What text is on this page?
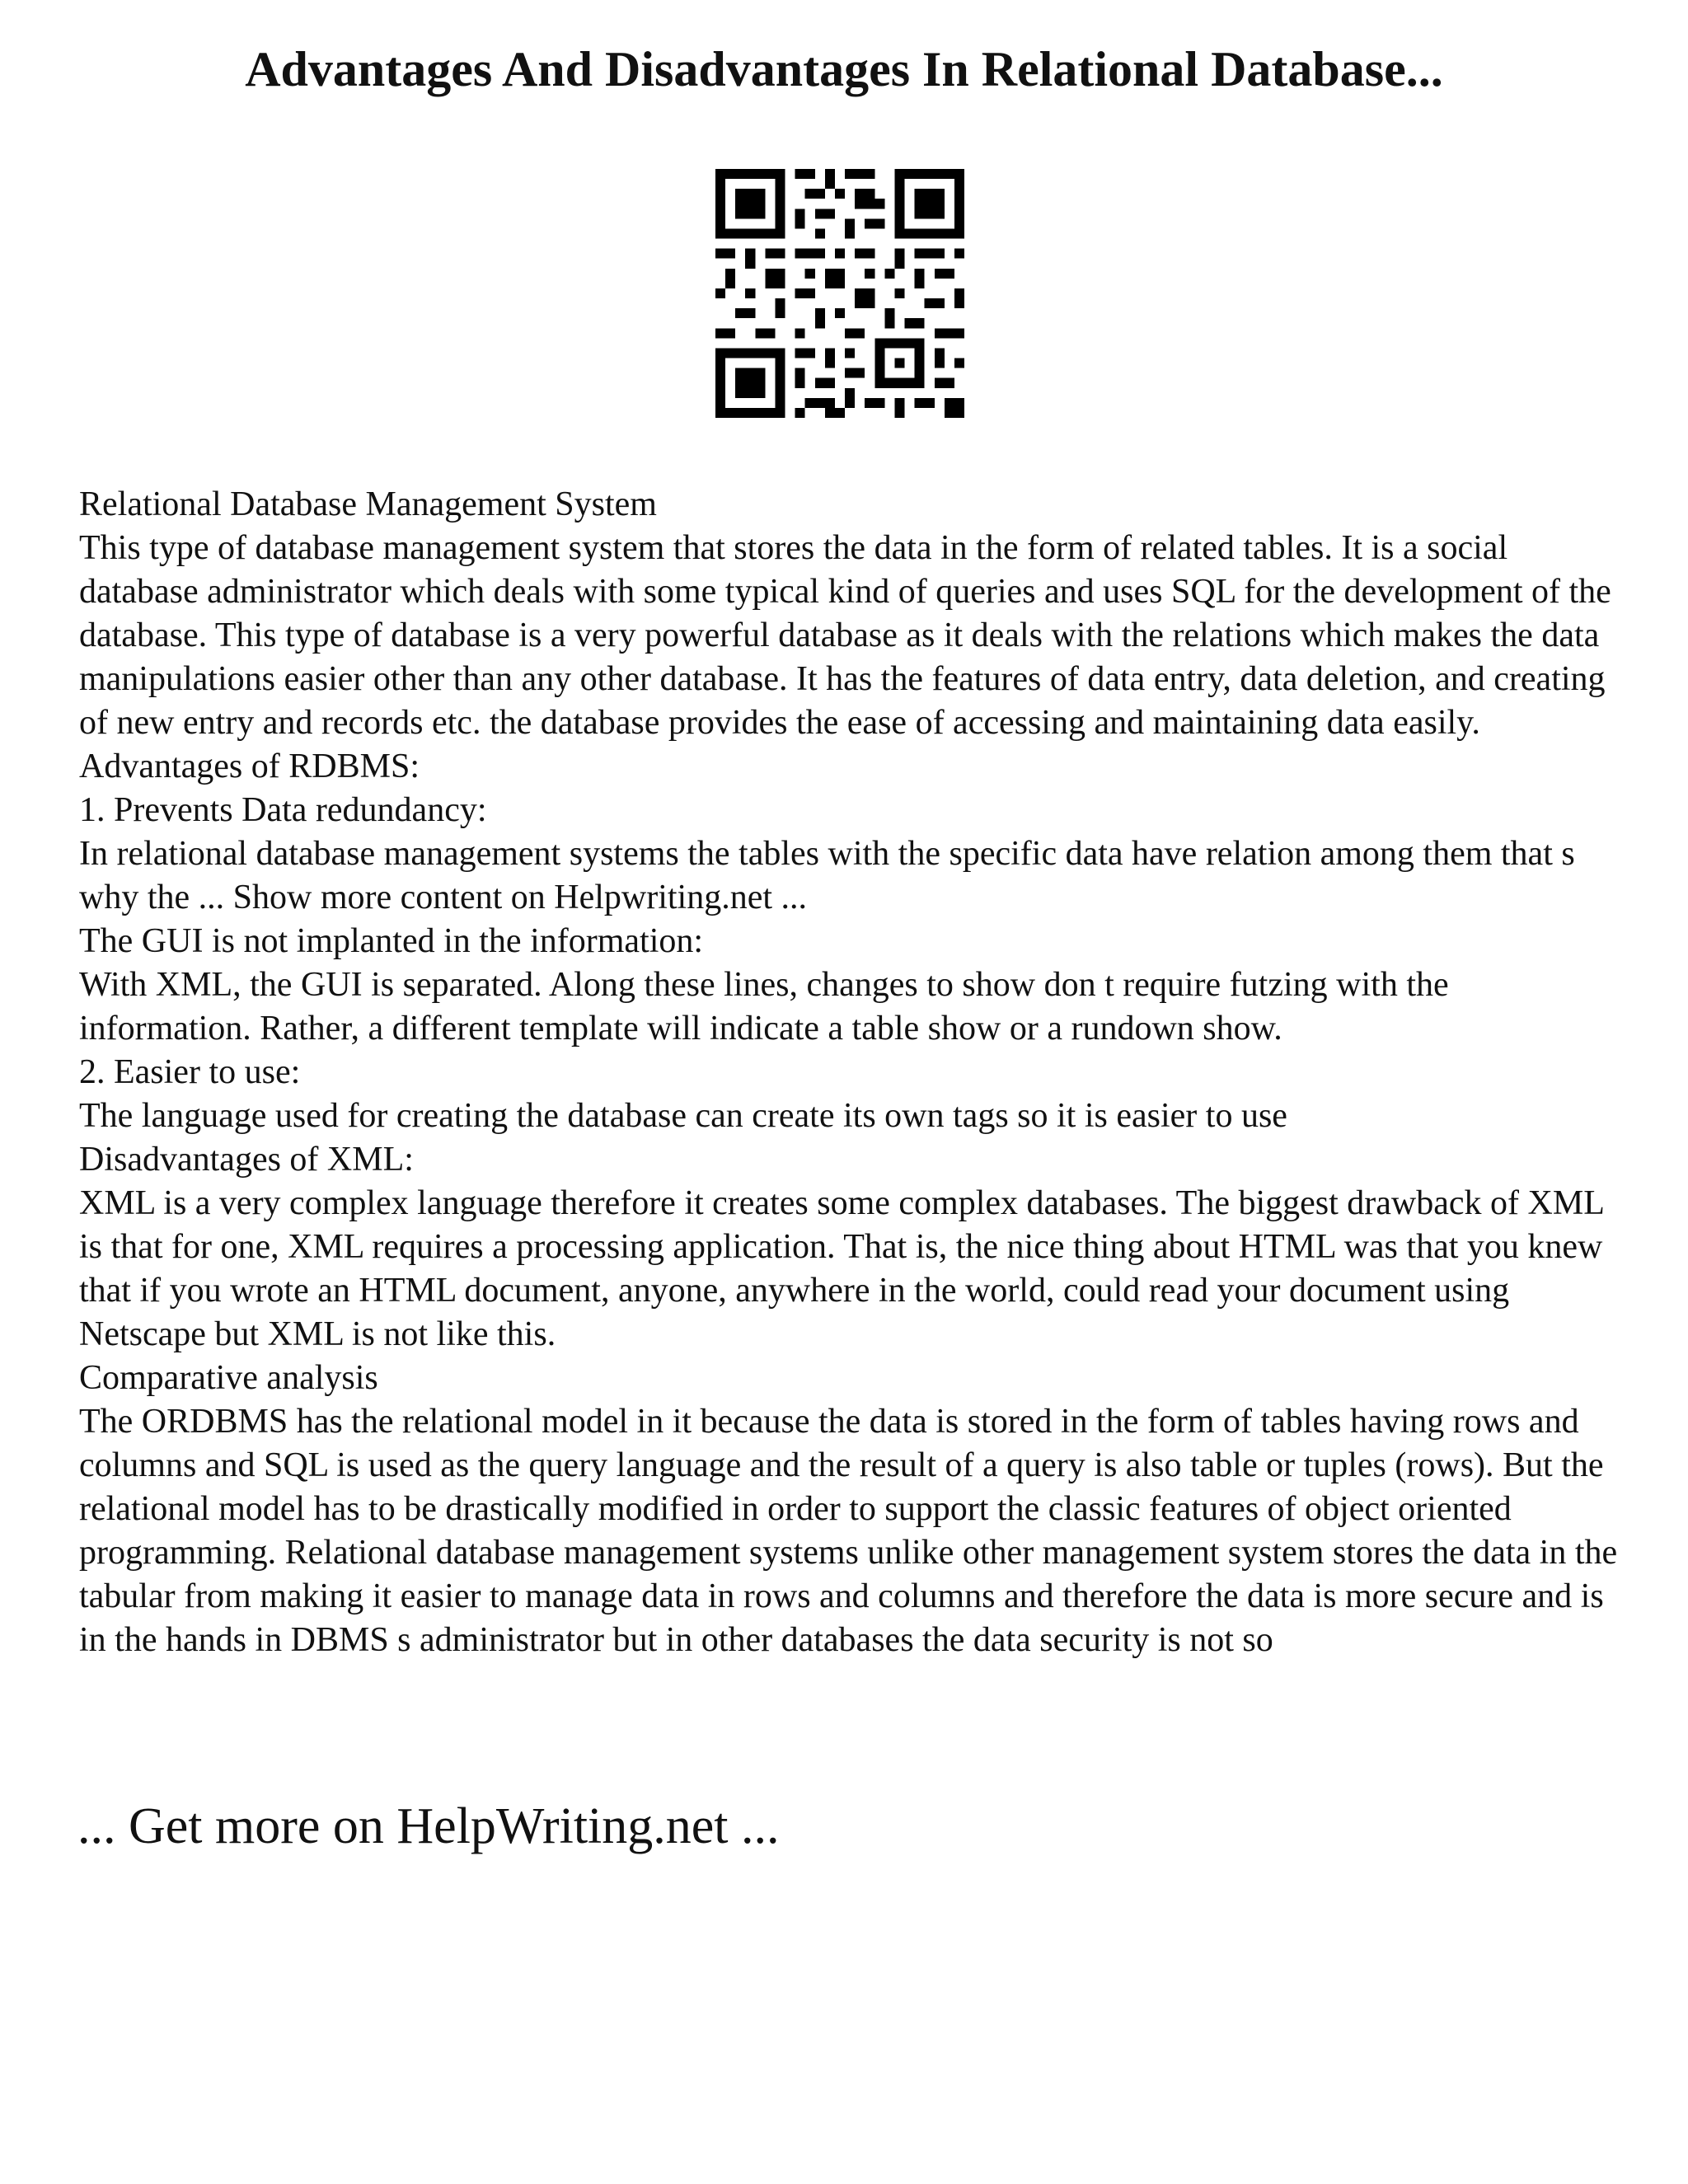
Advantages And Disadvantages In Relational Database...

Relational Database Management System

This type of database management system that stores the data in the form of related tables. It is a social database administrator which deals with some typical kind of queries and uses SQL for the development of the database. This type of database is a very powerful database as it deals with the relations which makes the data manipulations easier other than any other database. It has the features of data entry, data deletion, and creating of new entry and records etc. the database provides the ease of accessing and maintaining data easily.

Advantages of RDBMS:

1. Prevents Data redundancy:

In relational database management systems the tables with the specific data have relation among them that s why the ... Show more content on Helpwriting.net ...

The GUI is not implanted in the information:

With XML, the GUI is separated. Along these lines, changes to show don t require futzing with the information. Rather, a different template will indicate a table show or a rundown show.

2. Easier to use:

The language used for creating the database can create its own tags so it is easier to use

Disadvantages of XML:

XML is a very complex language therefore it creates some complex databases. The biggest drawback of XML is that for one, XML requires a processing application. That is, the nice thing about HTML was that you knew that if you wrote an HTML document, anyone, anywhere in the world, could read your document using Netscape but XML is not like this.

Comparative analysis

The ORDBMS has the relational model in it because the data is stored in the form of tables having rows and columns and SQL is used as the query language and the result of a query is also table or tuples (rows). But the relational model has to be drastically modified in order to support the classic features of object oriented programming. Relational database management systems unlike other management system stores the data in the tabular from making it easier to manage data in rows and columns and therefore the data is more secure and is in the hands in DBMS s administrator but in other databases the data security is not so

... Get more on HelpWriting.net ...
